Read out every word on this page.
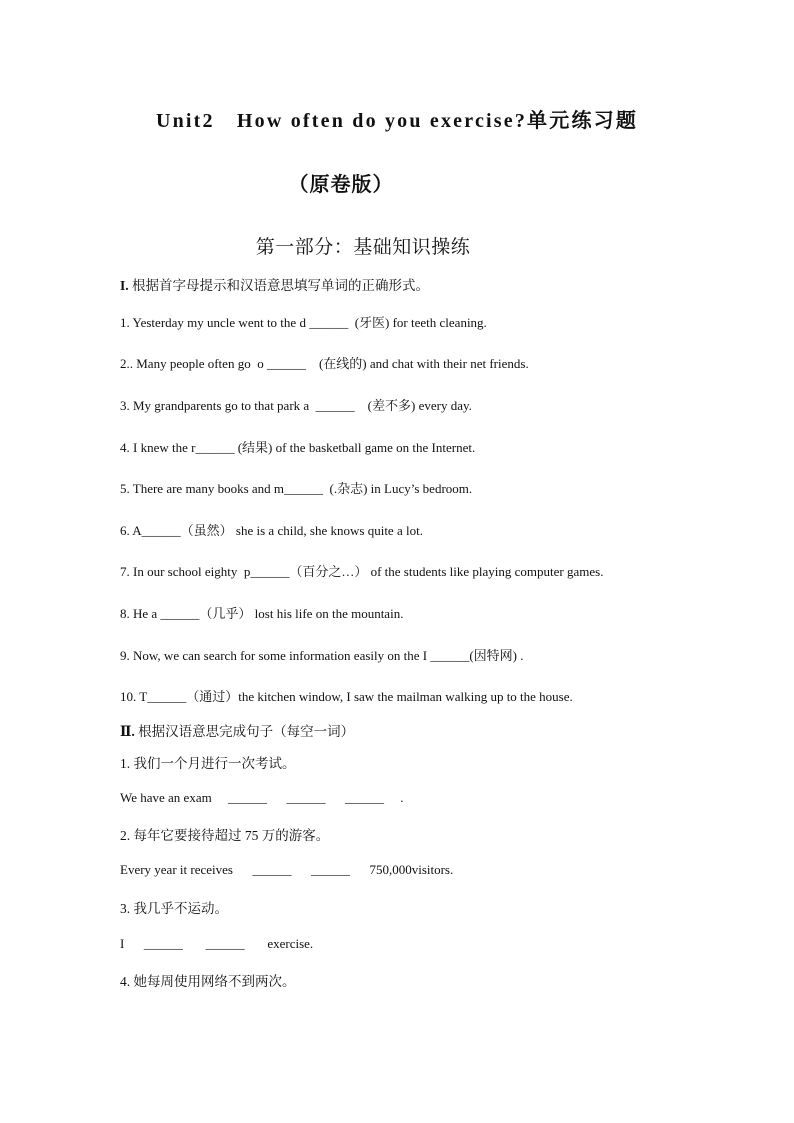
Unit2　How often do you exercise?单元练习题
（原卷版）
第一部分：基础知识操练
I. 根据首字母提示和汉语意思填写单词的正确形式。
1. Yesterday my uncle went to the d ______  (牙医) for teeth cleaning.
2.. Many people often go  o ______    (在线的) and chat with their net friends.
3. My grandparents go to that park a  ______    (差不多) every day.
4. I knew the r______ (结果) of the basketball game on the Internet.
5. There are many books and m______  (.杂志) in Lucy’s bedroom.
6. A______（虽然） she is a child, she knows quite a lot.
7. In our school eighty  p______（百分之…） of the students like playing computer games.
8. He a ______（几乎） lost his life on the mountain.
9. Now, we can search for some information easily on the I ______(因特网) .
10. T______（通过）the kitchen window, I saw the mailman walking up to the house.
Ⅱ. 根据汉语意思完成句子（每空一词）
1. 我们一个月进行一次考试。
We have an exam     ______      ______      ______     .
2. 每年它要接待超过 75 万的游客。
Every year it receives      ______      ______      750,000visitors.
3. 我几乎不运动。
I      ______       ______       exercise.
4. 她每周使用网络不到两次。
